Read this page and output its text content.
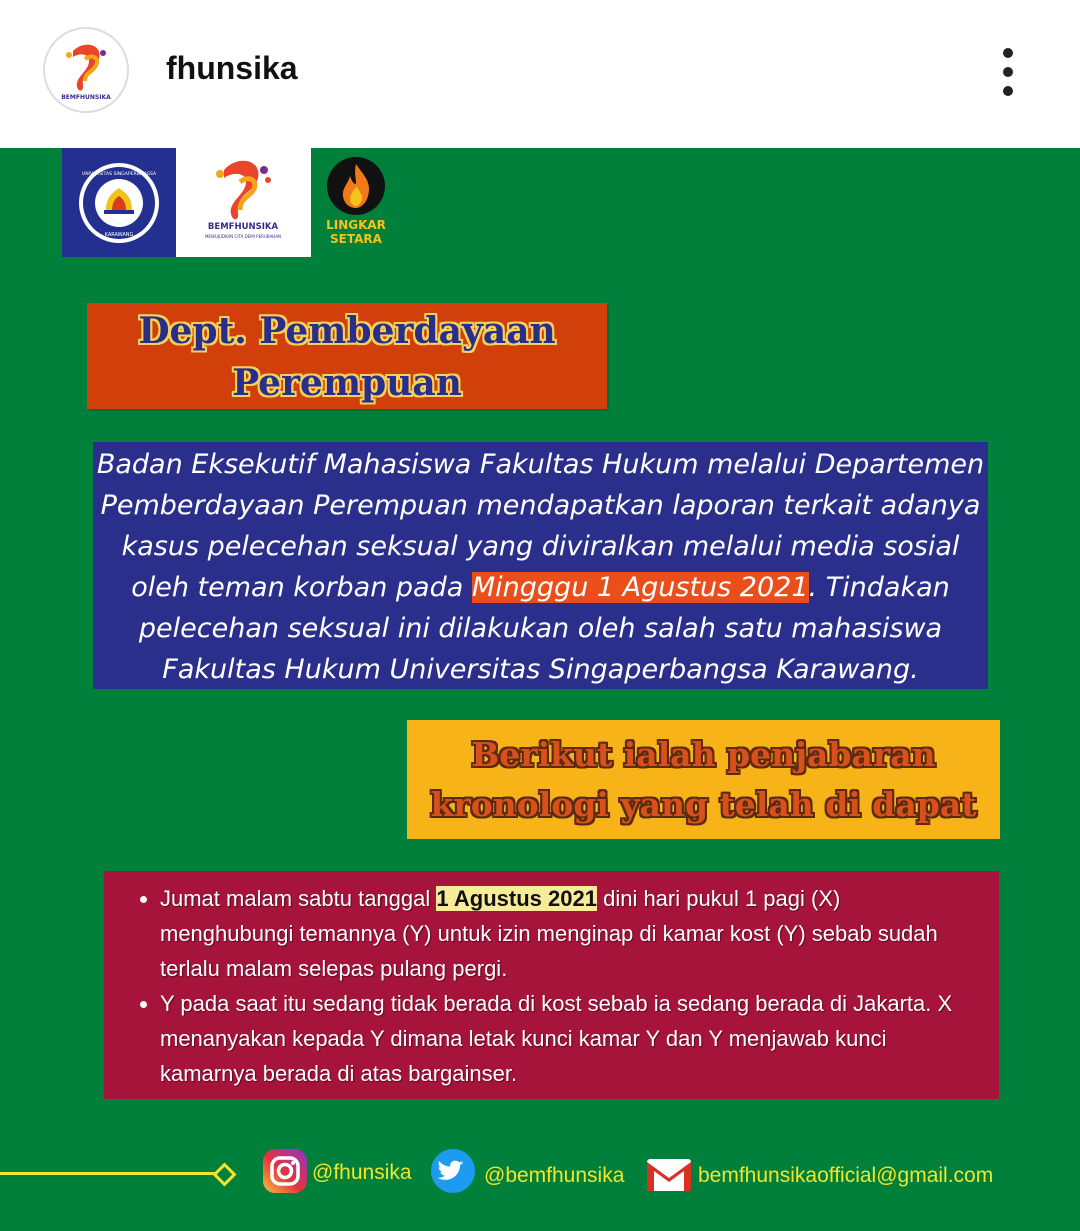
BEMFHUNSIKA
fhunsika
UNIVERSITAS SINGAPERBANGSA
KARAWANG
BEMFHUNSIKA
MEWUJUDKAN CITA DEMI PERUBAHAN
LINGKAR
SETARA
Dept. Pemberdayaan
Perempuan
Badan Eksekutif Mahasiswa Fakultas Hukum melalui Departemen Pemberdayaan Perempuan mendapatkan laporan terkait adanya kasus pelecehan seksual yang diviralkan melalui media sosial oleh teman korban pada Mingggu 1 Agustus 2021. Tindakan pelecehan seksual ini dilakukan oleh salah satu mahasiswa Fakultas Hukum Universitas Singaperbangsa Karawang.
Berikut ialah penjabaran
kronologi yang telah di dapat
• Jumat malam sabtu tanggal 1 Agustus 2021 dini hari pukul 1 pagi (X) menghubungi temannya (Y) untuk izin menginap di kamar kost (Y) sebab sudah terlalu malam selepas pulang pergi.
• Y pada saat itu sedang tidak berada di kost sebab ia sedang berada di Jakarta. X menanyakan kepada Y dimana letak kunci kamar Y dan Y menjawab kunci kamarnya berada di atas bargainser.
@fhunsika	@bemfhunsika	bemfhunsikaofficial@gmail.com
